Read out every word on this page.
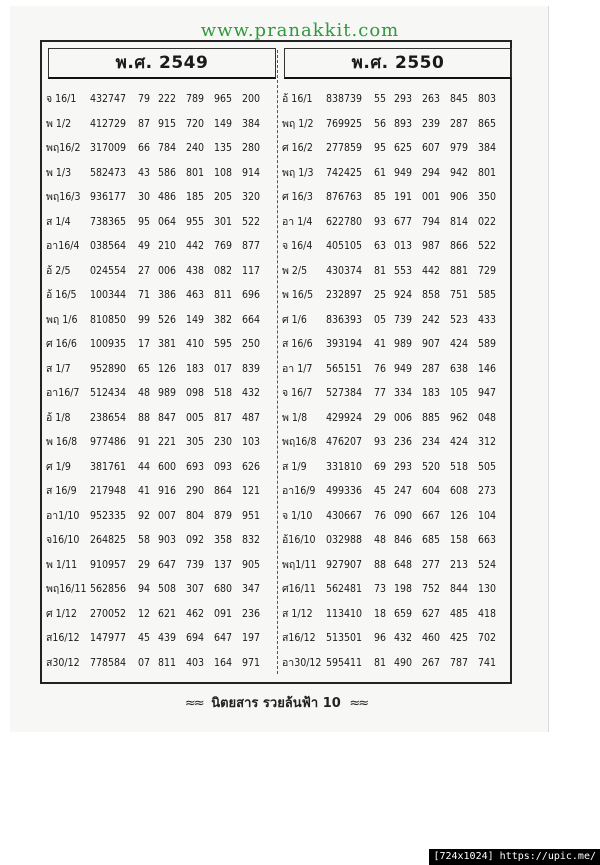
www.pranakkit.com
พ.ศ. 2549
จ 16/1 432747 79 222 789 965 200
พ 1/2 412729 87 915 720 149 384
พฤ16/2 317009 66 784 240 135 280
พ 1/3 582473 43 586 801 108 914
พฤ16/3 936177 30 486 185 205 320
ส 1/4 738365 95 064 955 301 522
อา16/4 038564 49 210 442 769 877
อ้ 2/5 024554 27 006 438 082 117
อ้ 16/5 100344 71 386 463 811 696
พฤ 1/6 810850 99 526 149 382 664
ศ 16/6 100935 17 381 410 595 250
ส 1/7 952890 65 126 183 017 839
อา16/7 512434 48 989 098 518 432
อ้ 1/8 238654 88 847 005 817 487
พ 16/8 977486 91 221 305 230 103
ศ 1/9 381761 44 600 693 093 626
ส 16/9 217948 41 916 290 864 121
อา1/10 952335 92 007 804 879 951
จ16/10 264825 58 903 092 358 832
พ 1/11 910957 29 647 739 137 905
พฤ16/11 562856 94 508 307 680 347
ศ 1/12 270052 12 621 462 091 236
ส16/12 147977 45 439 694 647 197
ส30/12 778584 07 811 403 164 971
พ.ศ. 2550
อ้ 16/1 838739 55 293 263 845 803
พฤ 1/2 769925 56 893 239 287 865
ศ 16/2 277859 95 625 607 979 384
พฤ 1/3 742425 61 949 294 942 801
ศ 16/3 876763 85 191 001 906 350
อา 1/4 622780 93 677 794 814 022
จ 16/4 405105 63 013 987 866 522
พ 2/5 430374 81 553 442 881 729
พ 16/5 232897 25 924 858 751 585
ศ 1/6 836393 05 739 242 523 433
ส 16/6 393194 41 989 907 424 589
อา 1/7 565151 76 949 287 638 146
จ 16/7 527384 77 334 183 105 947
พ 1/8 429924 29 006 885 962 048
พฤ16/8 476207 93 236 234 424 312
ส 1/9 331810 69 293 520 518 505
อา16/9 499336 45 247 604 608 273
จ 1/10 430667 76 090 667 126 104
อ้16/10 032988 48 846 685 158 663
พฤ1/11 927907 88 648 277 213 524
ศ16/11 562481 73 198 752 844 130
ส 1/12 113410 18 659 627 485 418
ส16/12 513501 96 432 460 425 702
อา30/12 595411 81 490 267 787 741
≈≈ นิตยสาร รวยล้นฟ้า 10 ≈≈
[724x1024] https://upic.me/
